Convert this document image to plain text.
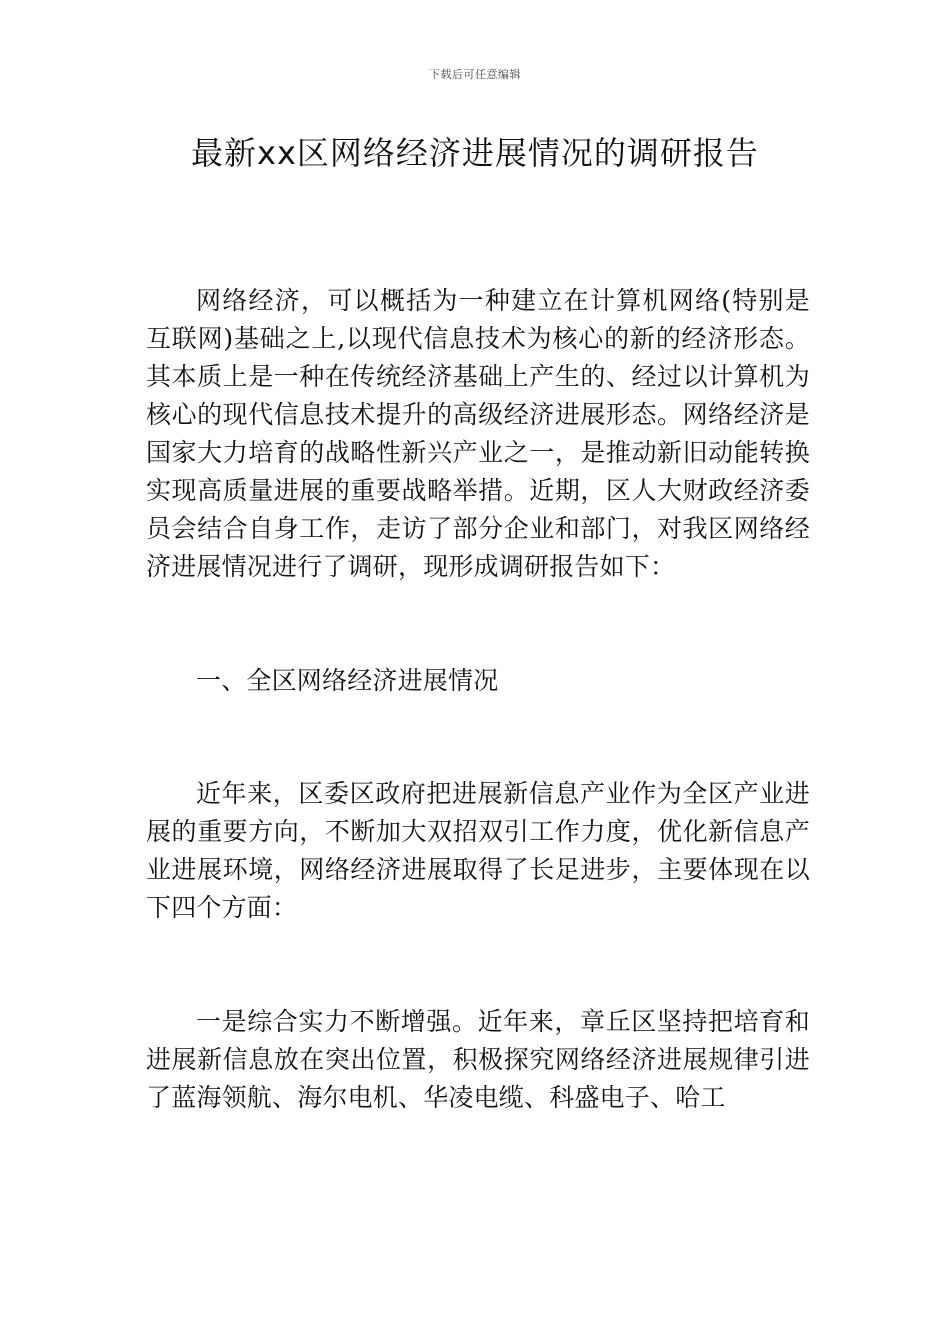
下载后可任意编辑
最新xx区网络经济进展情况的调研报告

网络经济，可以概括为一种建立在计算机网络(特别是互联网)基础之上,以现代信息技术为核心的新的经济形态。其本质上是一种在传统经济基础上产生的、经过以计算机为核心的现代信息技术提升的高级经济进展形态。网络经济是国家大力培育的战略性新兴产业之一，是推动新旧动能转换实现高质量进展的重要战略举措。近期，区人大财政经济委员会结合自身工作，走访了部分企业和部门，对我区网络经济进展情况进行了调研，现形成调研报告如下：

一、全区网络经济进展情况

近年来，区委区政府把进展新信息产业作为全区产业进展的重要方向，不断加大双招双引工作力度，优化新信息产业进展环境，网络经济进展取得了长足进步，主要体现在以下四个方面：

一是综合实力不断增强。近年来，章丘区坚持把培育和进展新信息放在突出位置，积极探究网络经济进展规律引进了蓝海领航、海尔电机、华凌电缆、科盛电子、哈工
